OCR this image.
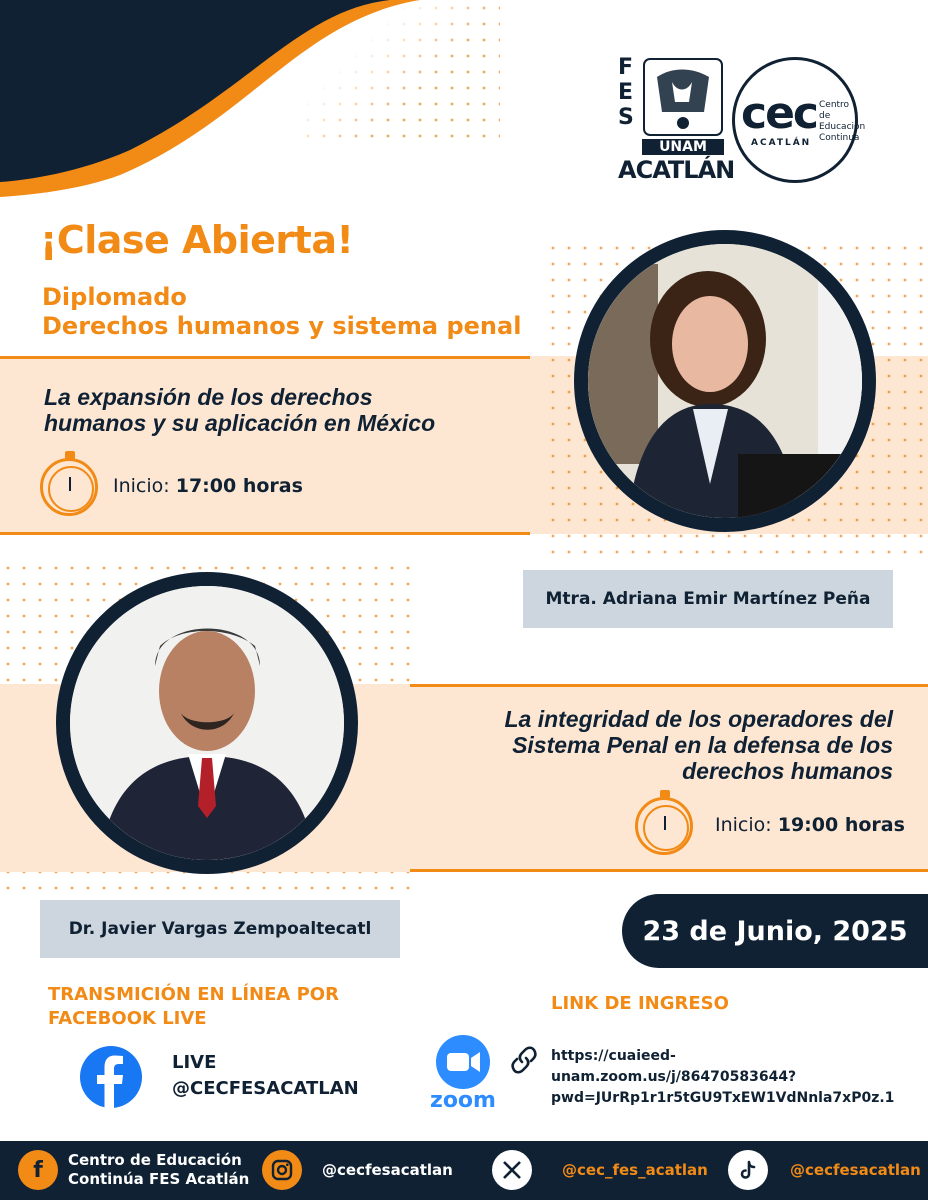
FES
UNAM
ACATLÁN
cec Centro de Educación Continua
ACATLÁN
¡Clase Abierta!
Diplomado
Derechos humanos y sistema penal
La expansión de los derechos
humanos y su aplicación en México
Inicio: 17:00 horas
Mtra. Adriana Emir Martínez Peña
La integridad de los operadores del
Sistema Penal en la defensa de los
derechos humanos
Inicio: 19:00 horas
Dr. Javier Vargas Zempoaltecatl	23 de Junio, 2025
TRANSMICIÓN EN LÍNEA POR
FACEBOOK LIVE
LIVE
@CECFESACATLAN
LINK DE INGRESO
zoom
https://cuaieed-
unam.zoom.us/j/86470583644?
pwd=JUrRp1r1r5tGU9TxEW1VdNnla7xP0z.1
f	Centro de Educación
Continúa FES Acatlán	@cecfesacatlan	@cec_fes_acatlan	@cecfesacatlan
